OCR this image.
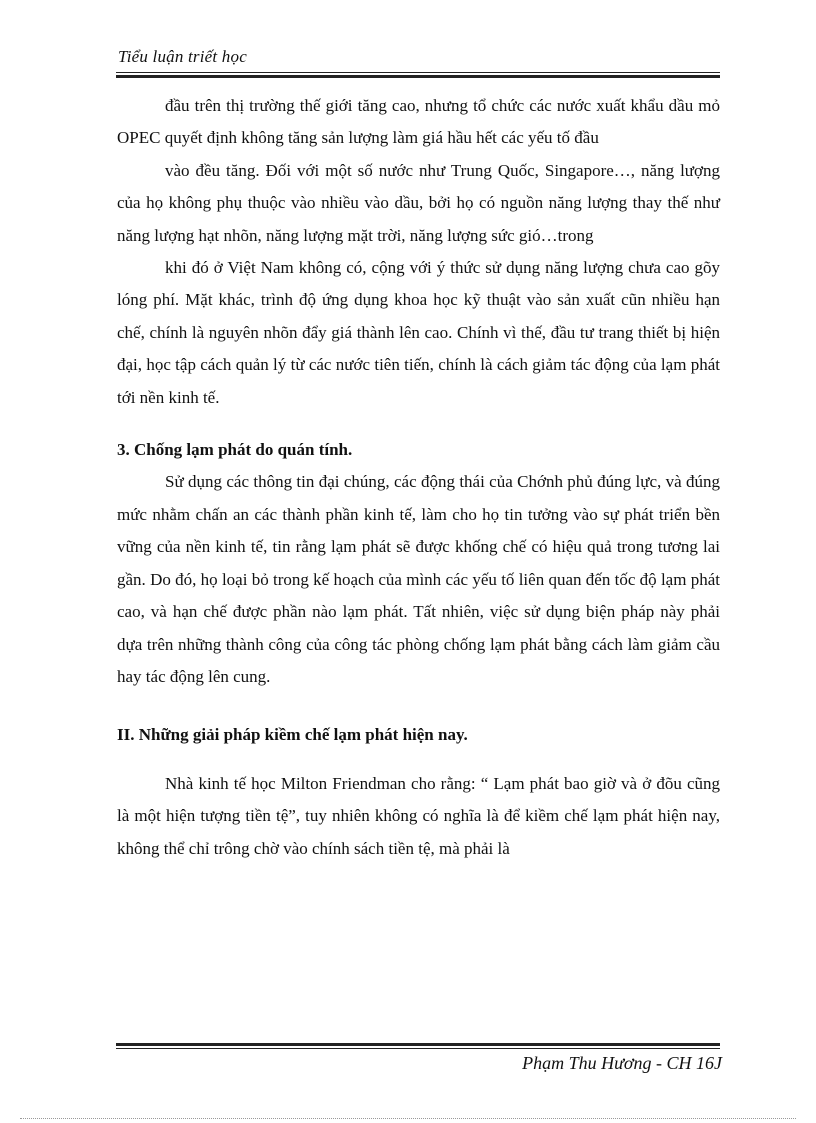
Tiểu luận triết học

đầu trên thị trường thế giới tăng cao, nhưng tổ chức các nước xuất khẩu dầu mỏ OPEC quyết định không tăng sản lượng làm giá hầu hết các yếu tố đầu

vào đều tăng. Đối với một số nước như Trung Quốc, Singapore…, năng lượng của họ không phụ thuộc vào nhiều vào dầu, bởi họ có nguồn năng lượng thay thế như năng lượng hạt nhõn, năng lượng mặt trời, năng lượng sức gió…trong

khi đó ở Việt Nam không có, cộng với ý thức sử dụng năng lượng chưa cao gõy lóng phí. Mặt khác, trình độ ứng dụng khoa học kỹ thuật vào sản xuất cũn nhiều hạn chế, chính là nguyên nhõn đẩy giá thành lên cao. Chính vì thế, đầu tư trang thiết bị hiện đại, học tập cách quản lý từ các nước tiên tiến, chính là cách giảm tác động của lạm phát tới nền kinh tế.

3. Chống lạm phát do quán tính.

Sử dụng các thông tin đại chúng, các động thái của Chớnh phủ đúng lực, và đúng mức nhằm chấn an các thành phần kinh tế, làm cho họ tin tưởng vào sự phát triển bền vững của nền kinh tế, tin rằng lạm phát sẽ được khống chế có hiệu quả trong tương lai gần. Do đó, họ loại bỏ trong kế hoạch của mình các yếu tố liên quan đến tốc độ lạm phát cao, và hạn chế được phần nào lạm phát. Tất nhiên, việc sử dụng biện pháp này phải dựa trên những thành công của công tác phòng chống lạm phát bằng cách làm giảm cầu hay tác động lên cung.

II. Những giải pháp kiềm chế lạm phát hiện nay.

Nhà kinh tế học Milton Friendman cho rằng: “ Lạm phát bao giờ và ở đõu cũng là một hiện tượng tiền tệ”, tuy nhiên không có nghĩa là để kiềm chế lạm phát hiện nay, không thể chỉ trông chờ vào chính sách tiền tệ, mà phải là

Phạm Thu Hương - CH 16J
